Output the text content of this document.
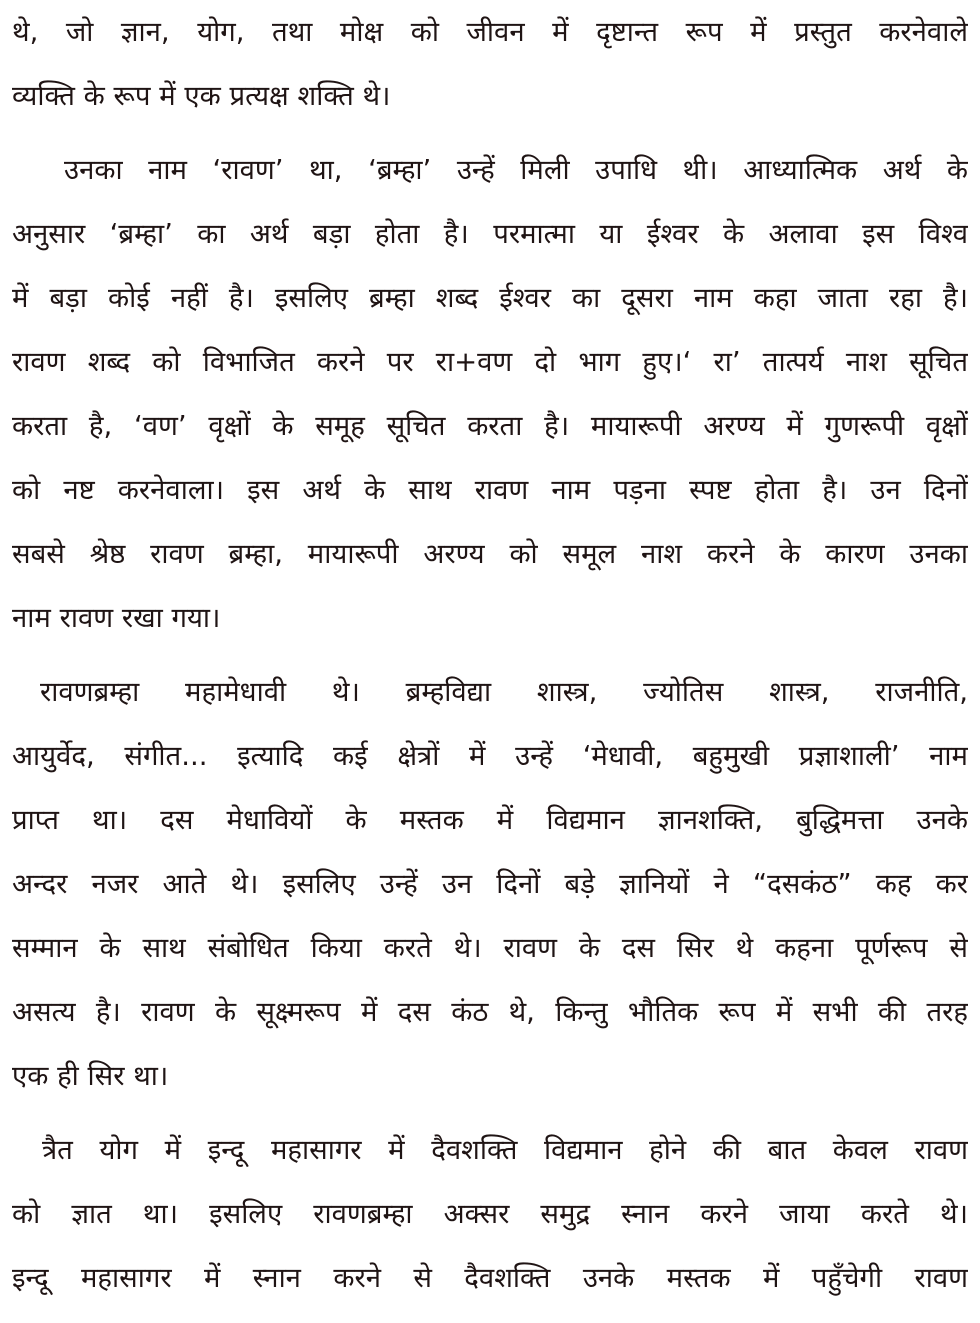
थे, जो ज्ञान, योग, तथा मोक्ष को जीवन में दृष्टान्त रूप में प्रस्तुत करनेवाले
व्यक्ति के रूप में एक प्रत्यक्ष शक्ति थे।
उनका नाम ‘रावण’ था, ‘ब्रम्हा’ उन्हें मिली उपाधि थी। आध्यात्मिक अर्थ के
अनुसार ‘ब्रम्हा’ का अर्थ बड़ा होता है। परमात्मा या ईश्वर के अलावा इस विश्व
में बड़ा कोई नहीं है। इसलिए ब्रम्हा शब्द ईश्वर का दूसरा नाम कहा जाता रहा है।
रावण शब्द को विभाजित करने पर रा+वण दो भाग हुए।‘ रा’ तात्पर्य नाश सूचित
करता है, ‘वण’ वृक्षों के समूह सूचित करता है। मायारूपी अरण्य में गुणरूपी वृक्षों
को नष्ट करनेवाला। इस अर्थ के साथ रावण नाम पड़ना स्पष्ट होता है। उन दिनों
सबसे श्रेष्ठ रावण ब्रम्हा, मायारूपी अरण्य को समूल नाश करने के कारण उनका
नाम रावण रखा गया।
रावणब्रम्हा महामेधावी थे। ब्रम्हविद्या शास्त्र, ज्योतिस शास्त्र, राजनीति,
आयुर्वेद, संगीत... इत्यादि कई क्षेत्रों में उन्हें ‘मेधावी, बहुमुखी प्रज्ञाशाली’ नाम
प्राप्त था। दस मेधावियों के मस्तक में विद्यमान ज्ञानशक्ति, बुद्धिमत्ता उनके
अन्दर नजर आते थे। इसलिए उन्हें उन दिनों बड़े ज्ञानियों ने “दसकंठ” कह कर
सम्मान के साथ संबोधित किया करते थे। रावण के दस सिर थे कहना पूर्णरूप से
असत्य है। रावण के सूक्ष्मरूप में दस कंठ थे, किन्तु भौतिक रूप में सभी की तरह
एक ही सिर था।
त्रैत योग में इन्दू महासागर में दैवशक्ति विद्यमान होने की बात केवल रावण
को ज्ञात था। इसलिए रावणब्रम्हा अक्सर समुद्र स्नान करने जाया करते थे।
इन्दू महासागर में स्नान करने से दैवशक्ति उनके मस्तक में पहुँचेगी रावण
